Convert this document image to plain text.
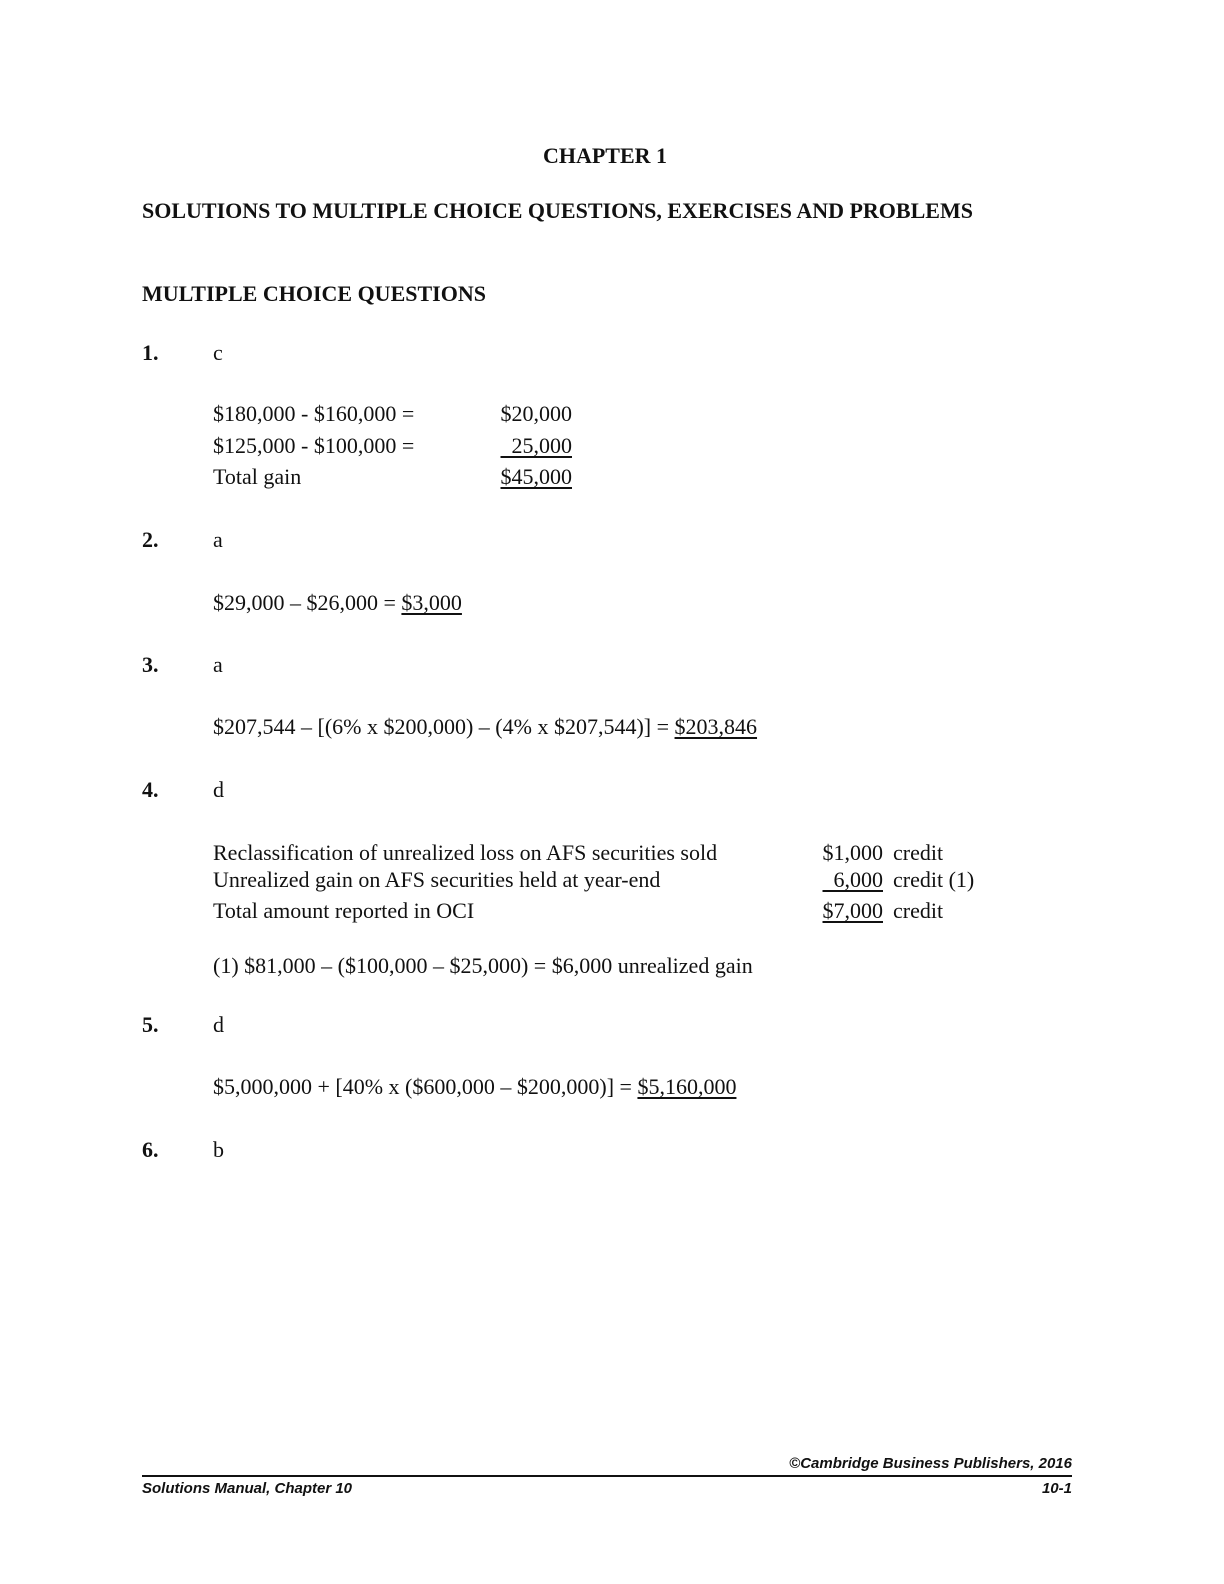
CHAPTER 1
SOLUTIONS TO MULTIPLE CHOICE QUESTIONS, EXERCISES AND PROBLEMS
MULTIPLE CHOICE QUESTIONS
1. c
$180,000 - $160,000 =	$20,000
$125,000 - $100,000 =	25,000
Total gain	$45,000
2. a
$29,000 – $26,000 = $3,000
3. a
$207,544 – [(6% x $200,000) – (4% x $207,544)] = $203,846
4. d
Reclassification of unrealized loss on AFS securities sold	$1,000 credit
Unrealized gain on AFS securities held at year-end	6,000 credit (1)
Total amount reported in OCI	$7,000 credit
(1) $81,000 – ($100,000 – $25,000) = $6,000 unrealized gain
5. d
$5,000,000 + [40% x ($600,000 – $200,000)] = $5,160,000
6. b
©Cambridge Business Publishers, 2016
Solutions Manual, Chapter 10	10-1
